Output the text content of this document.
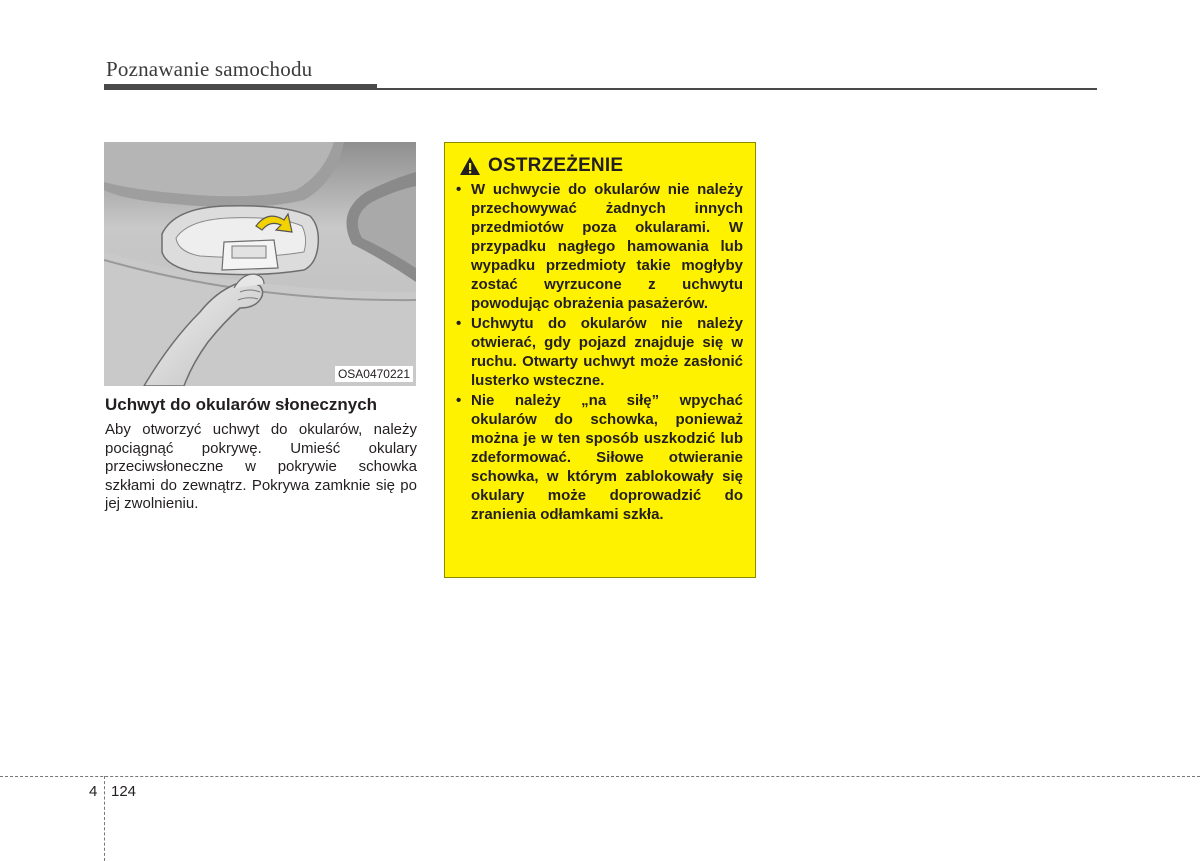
Poznawanie samochodu
OSA0470221
Uchwyt do okularów słonecznych
Aby otworzyć uchwyt do okularów, należy pociągnąć pokrywę. Umieść okulary przeciwsłoneczne w pokrywie schowka szkłami do zewnątrz. Pokrywa zamknie się po jej zwolnieniu.
OSTRZEŻENIE
• W uchwycie do okularów nie należy przechowywać żadnych innych przedmiotów poza okularami. W przypadku nagłego hamowania lub wypadku przedmioty takie mogłyby zostać wyrzucone z uchwytu powodując obrażenia pasażerów.
• Uchwytu do okularów nie należy otwierać, gdy pojazd znajduje się w ruchu. Otwarty uchwyt może zasłonić lusterko wsteczne.
• Nie należy „na siłę” wpychać okularów do schowka, ponieważ można je w ten sposób uszkodzić lub zdeformować. Siłowe otwieranie schowka, w którym zablokowały się okulary może doprowadzić do zranienia odłamkami szkła.
4 124
